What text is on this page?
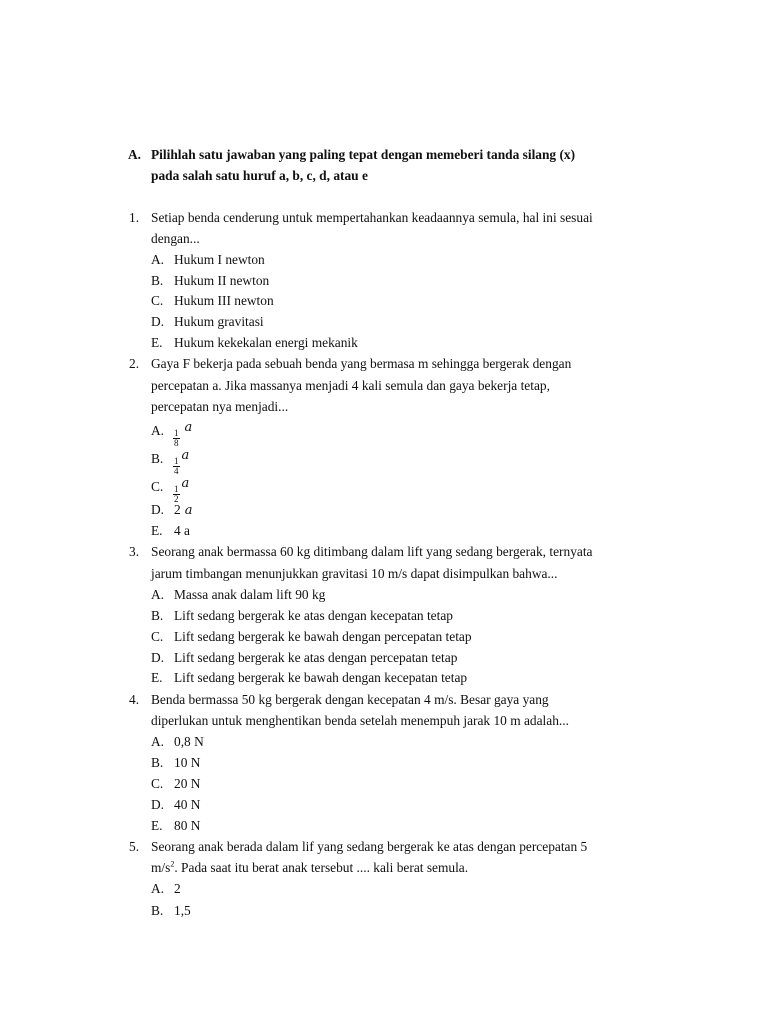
A. Pilihlah satu jawaban yang paling tepat dengan memeberi tanda silang (x)
pada salah satu huruf a, b, c, d, atau e
1. Setiap benda cenderung untuk mempertahankan keadaannya semula, hal ini sesuai
dengan...
A. Hukum I newton
B. Hukum II newton
C. Hukum III newton
D. Hukum gravitasi
E. Hukum kekekalan energi mekanik
2. Gaya F bekerja pada sebuah benda yang bermasa m sehingga bergerak dengan
percepatan a. Jika massanya menjadi 4 kali semula dan gaya bekerja tetap,
percepatan nya menjadi...
A. $\frac{1}{8}$
a
B. $\frac{1}{4}$
a
C. $\frac{1}{2}$
a
D. 2 a
E. 4 a
3. Seorang anak bermassa 60 kg ditimbang dalam lift yang sedang bergerak, ternyata
jarum timbangan menunjukkan gravitasi 10 m/s dapat disimpulkan bahwa...
A. Massa anak dalam lift 90 kg
B. Lift sedang bergerak ke atas dengan kecepatan tetap
C. Lift sedang bergerak ke bawah dengan percepatan tetap
D. Lift sedang bergerak ke atas dengan percepatan tetap
E. Lift sedang bergerak ke bawah dengan kecepatan tetap
4. Benda bermassa 50 kg bergerak dengan kecepatan 4 m/s. Besar gaya yang
diperlukan untuk menghentikan benda setelah menempuh jarak 10 m adalah...
A. 0,8 N
B. 10 N
C. 20 N
D. 40 N
E. 80 N
5. Seorang anak berada dalam lif yang sedang bergerak ke atas dengan percepatan 5
$m/s^2$. Pada saat itu berat anak tersebut .... kali berat semula.
A. 2
B. 1,5
